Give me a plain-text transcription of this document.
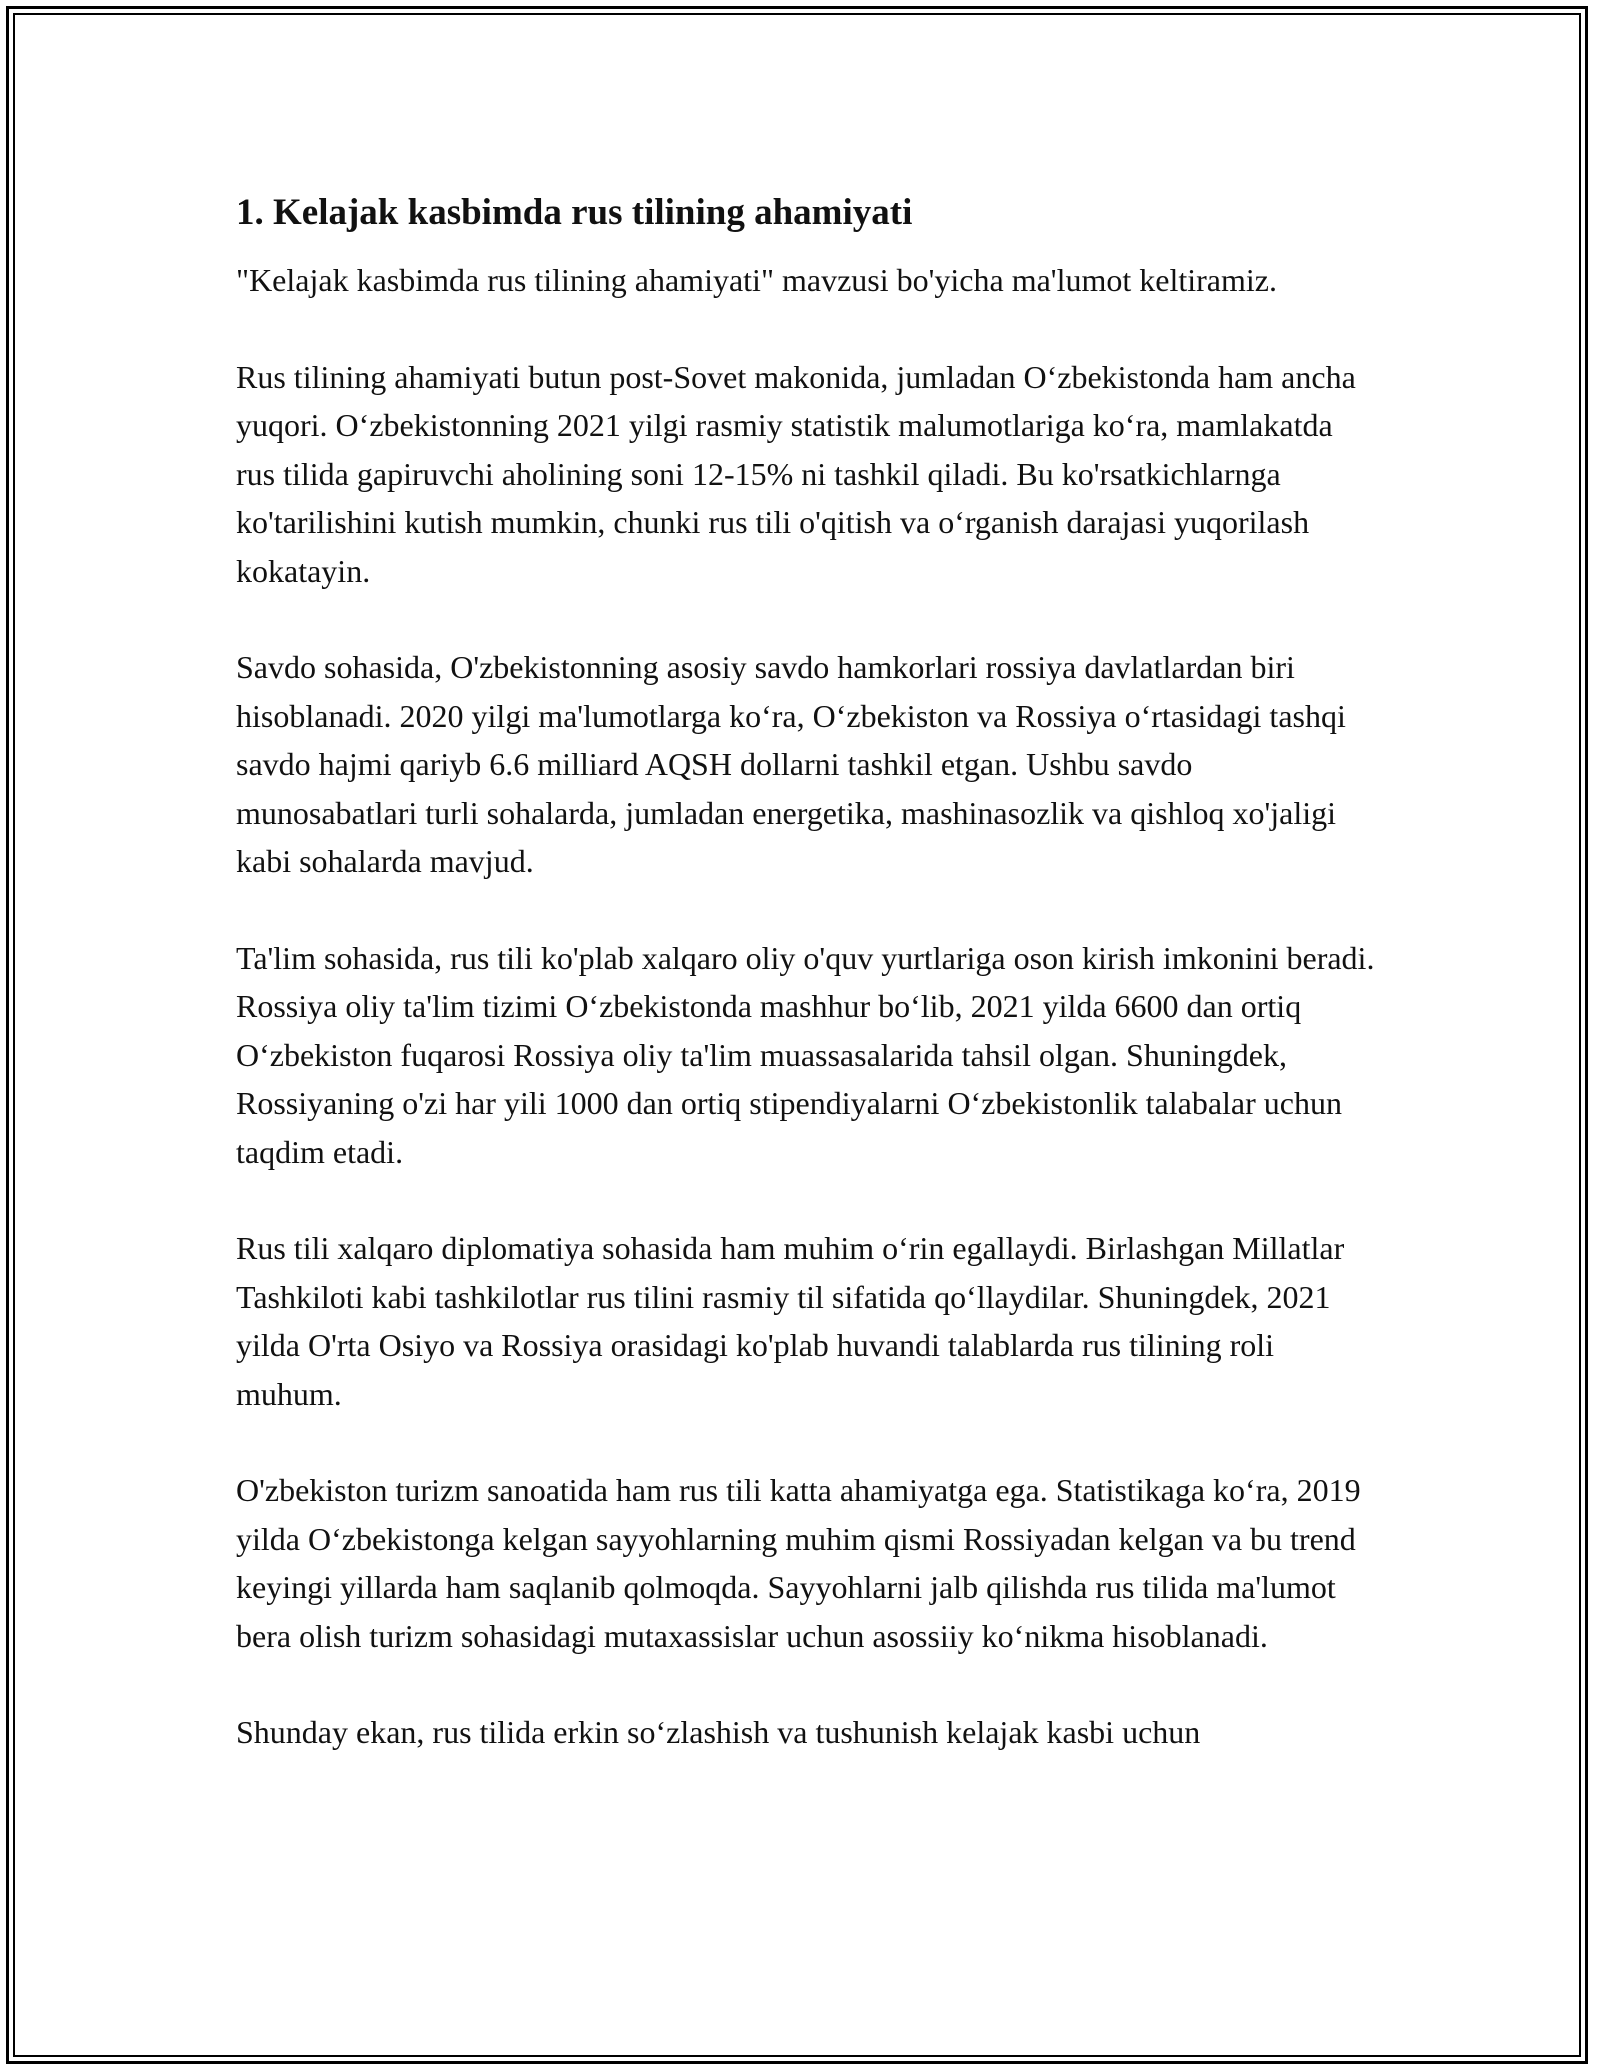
1. Kelajak kasbimda rus tilining ahamiyati

"Kelajak kasbimda rus tilining ahamiyati" mavzusi bo'yicha ma'lumot keltiramiz.

Rus tilining ahamiyati butun post-Sovet makonida, jumladan O‘zbekistonda ham ancha yuqori. O‘zbekistonning 2021 yilgi rasmiy statistik malumotlariga ko‘ra, mamlakatda rus tilida gapiruvchi aholining soni 12-15% ni tashkil qiladi. Bu ko'rsatkichlarnga ko'tarilishini kutish mumkin, chunki rus tili o'qitish va o‘rganish darajasi yuqorilash kokatayin.

Savdo sohasida, O'zbekistonning asosiy savdo hamkorlari rossiya davlatlardan biri hisoblanadi. 2020 yilgi ma'lumotlarga ko‘ra, O‘zbekiston va Rossiya o‘rtasidagi tashqi savdo hajmi qariyb 6.6 milliard AQSH dollarni tashkil etgan. Ushbu savdo munosabatlari turli sohalarda, jumladan energetika, mashinasozlik va qishloq xo'jaligi kabi sohalarda mavjud.

Ta'lim sohasida, rus tili ko'plab xalqaro oliy o'quv yurtlariga oson kirish imkonini beradi. Rossiya oliy ta'lim tizimi O‘zbekistonda mashhur bo‘lib, 2021 yilda 6600 dan ortiq O‘zbekiston fuqarosi Rossiya oliy ta'lim muassasalarida tahsil olgan. Shuningdek, Rossiyaning o'zi har yili 1000 dan ortiq stipendiyalarni O‘zbekistonlik talabalar uchun taqdim etadi.

Rus tili xalqaro diplomatiya sohasida ham muhim o‘rin egallaydi. Birlashgan Millatlar Tashkiloti kabi tashkilotlar rus tilini rasmiy til sifatida qo‘llaydilar. Shuningdek, 2021 yilda O'rta Osiyo va Rossiya orasidagi ko'plab huvandi talablarda rus tilining roli muhum.

O'zbekiston turizm sanoatida ham rus tili katta ahamiyatga ega. Statistikaga ko‘ra, 2019 yilda O‘zbekistonga kelgan sayyohlarning muhim qismi Rossiyadan kelgan va bu trend keyingi yillarda ham saqlanib qolmoqda. Sayyohlarni jalb qilishda rus tilida ma'lumot bera olish turizm sohasidagi mutaxassislar uchun asossiiy ko‘nikma hisoblanadi.

Shunday ekan, rus tilida erkin so‘zlashish va tushunish kelajak kasbi uchun
